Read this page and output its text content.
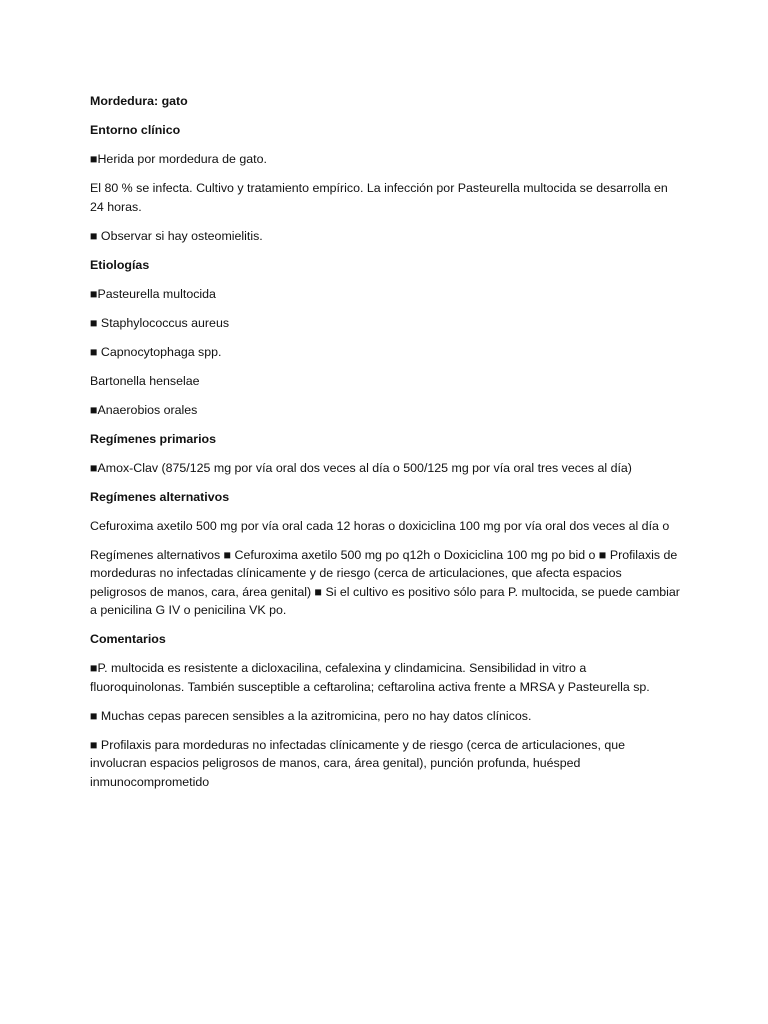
Mordedura: gato

Entorno clínico

■Herida por mordedura de gato.

El 80 % se infecta. Cultivo y tratamiento empírico. La infección por Pasteurella multocida se desarrolla en 24 horas.

■ Observar si hay osteomielitis.

Etiologías

■Pasteurella multocida

■ Staphylococcus aureus

■ Capnocytophaga spp.

Bartonella henselae

■Anaerobios orales

Regímenes primarios

■Amox-Clav (875/125 mg por vía oral dos veces al día o 500/125 mg por vía oral tres veces al día)

Regímenes alternativos

Cefuroxima axetilo 500 mg por vía oral cada 12 horas o doxiciclina 100 mg por vía oral dos veces al día o

Regímenes alternativos ■ Cefuroxima axetilo 500 mg po q12h o Doxiciclina 100 mg po bid o ■ Profilaxis de mordeduras no infectadas clínicamente y de riesgo (cerca de articulaciones, que afecta espacios peligrosos de manos, cara, área genital) ■ Si el cultivo es positivo sólo para P. multocida, se puede cambiar a penicilina G IV o penicilina VK po.

Comentarios

■P. multocida es resistente a dicloxacilina, cefalexina y clindamicina. Sensibilidad in vitro a fluoroquinolonas. También susceptible a ceftarolina; ceftarolina activa frente a MRSA y Pasteurella sp.

■ Muchas cepas parecen sensibles a la azitromicina, pero no hay datos clínicos.

■ Profilaxis para mordeduras no infectadas clínicamente y de riesgo (cerca de articulaciones, que involucran espacios peligrosos de manos, cara, área genital), punción profunda, huésped inmunocomprometido
